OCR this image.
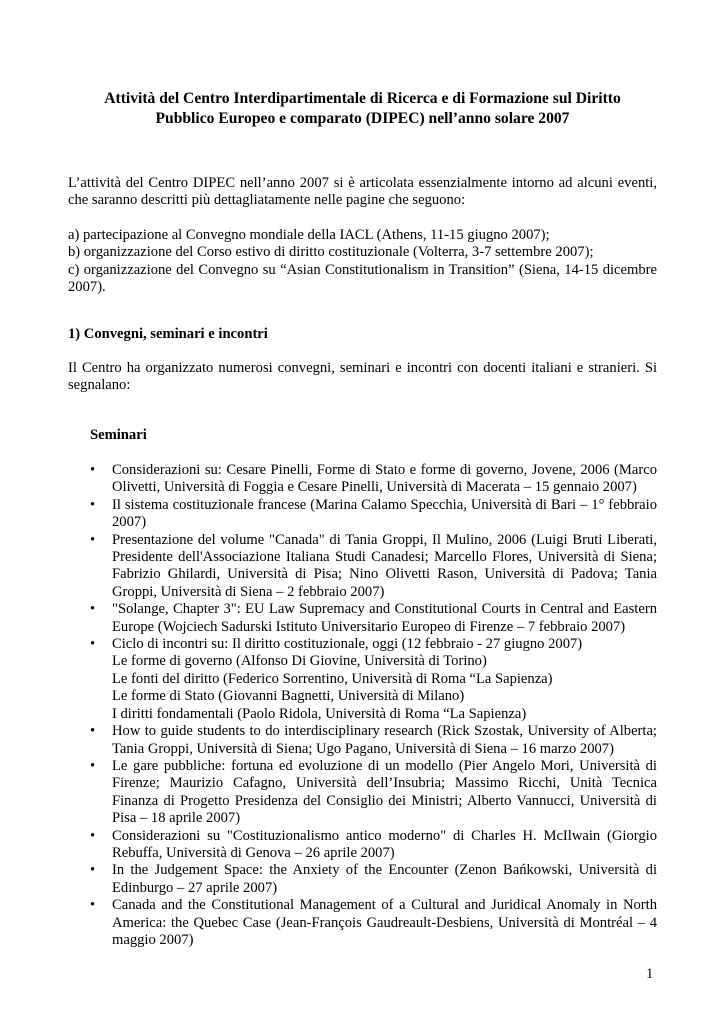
Attività del Centro Interdipartimentale di Ricerca e di Formazione sul Diritto
Pubblico Europeo e comparato (DIPEC) nell’anno solare 2007

L’attività del Centro DIPEC nell’anno 2007 si è articolata essenzialmente intorno ad alcuni eventi, che saranno descritti più dettagliatamente nelle pagine che seguono:

a) partecipazione al Convegno mondiale della IACL (Athens, 11-15 giugno 2007);

b) organizzazione del Corso estivo di diritto costituzionale (Volterra, 3-7 settembre 2007);

c) organizzazione del Convegno su “Asian Constitutionalism in Transition” (Siena, 14-15 dicembre 2007).

1) Convegni, seminari e incontri

Il Centro ha organizzato numerosi convegni, seminari e incontri con docenti italiani e stranieri. Si segnalano:

Seminari
•	Considerazioni su: Cesare Pinelli, Forme di Stato e forme di governo, Jovene, 2006 (Marco Olivetti, Università di Foggia e Cesare Pinelli, Università di Macerata – 15 gennaio 2007)
•	Il sistema costituzionale francese (Marina Calamo Specchia, Università di Bari – 1° febbraio 2007)
•	Presentazione del volume "Canada" di Tania Groppi, Il Mulino, 2006 (Luigi Bruti Liberati, Presidente dell'Associazione Italiana Studi Canadesi; Marcello Flores, Università di Siena; Fabrizio Ghilardi, Università di Pisa; Nino Olivetti Rason, Università di Padova; Tania Groppi, Università di Siena – 2 febbraio 2007)
•	"Solange, Chapter 3": EU Law Supremacy and Constitutional Courts in Central and Eastern Europe (Wojciech Sadurski Istituto Universitario Europeo di Firenze – 7 febbraio 2007)
•	Ciclo di incontri su: Il diritto costituzionale, oggi (12 febbraio - 27 giugno 2007)
Le forme di governo (Alfonso Di Giovine, Università di Torino)
Le fonti del diritto (Federico Sorrentino, Università di Roma “La Sapienza)
Le forme di Stato (Giovanni Bagnetti, Università di Milano)
I diritti fondamentali (Paolo Ridola, Università di Roma “La Sapienza)
•	How to guide students to do interdisciplinary research (Rick Szostak, University of Alberta; Tania Groppi, Università di Siena; Ugo Pagano, Università di Siena – 16 marzo 2007)
•	Le gare pubbliche: fortuna ed evoluzione di un modello (Pier Angelo Mori, Università di Firenze; Maurizio Cafagno, Università dell’Insubria; Massimo Ricchi, Unità Tecnica Finanza di Progetto Presidenza del Consiglio dei Ministri; Alberto Vannucci, Università di Pisa – 18 aprile 2007)
•	Considerazioni su "Costituzionalismo antico moderno" di Charles H. McIlwain (Giorgio Rebuffa, Università di Genova – 26 aprile 2007)
•	In the Judgement Space: the Anxiety of the Encounter (Zenon Bańkowski, Università di Edinburgo – 27 aprile 2007)
•	Canada and the Constitutional Management of a Cultural and Juridical Anomaly in North America: the Quebec Case (Jean-François Gaudreault-Desbiens, Università di Montréal – 4 maggio 2007)
1
